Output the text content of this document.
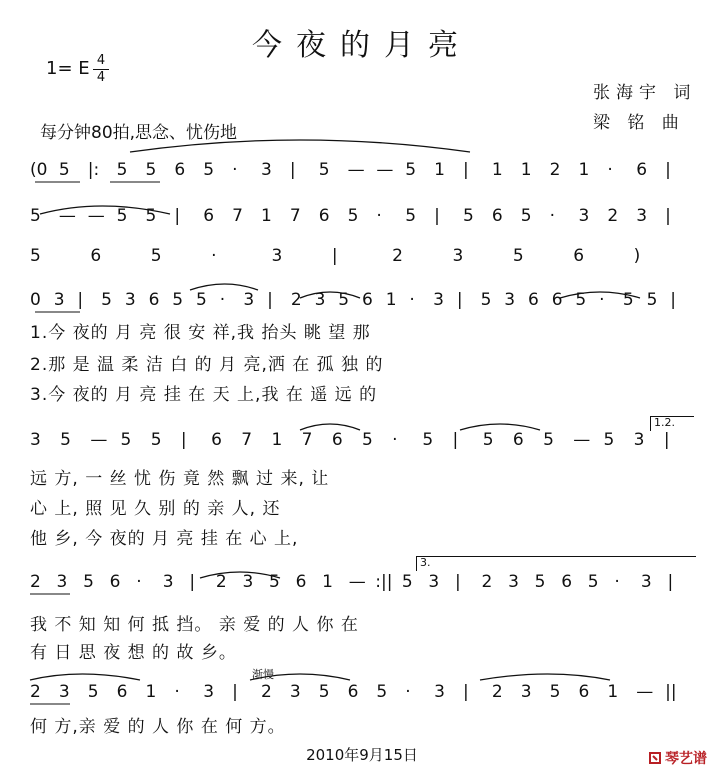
今夜的月亮
1= E 4
4
张海宇 词
梁 铭 曲
每分钟80拍,思念、忧伤地
(0 5 |: 5 5 6 5 · 3 | 5 — — 5 1 | 1 1 2 1 · 6 |
5 — — 5 5 | 6 7 1 7 6 5 · 5 | 5 6 5 · 3 2 3 |
5	6	5	·	3	|	2	3	5	6	)
0 3 | 5 3 6 5 5 · 3 | 2 3 5 6 1 · 3 | 5 3 6 6 5 · 5 5 |
3 5 — 5 5 | 6 7 1 7 6 5 · 5 | 5 6 5 — 5 3 |
2 3 5 6 · 3 | 2 3 5 6 1 — :|| 5 3 | 2 3 5 6 5 · 3 |
2 3 5 6 1 · 3 | 2 3 5 6 5 · 3 | 2 3 5 6 1 — ||
1.今 夜的 月 亮 很 安 祥,我 抬头 眺 望 那
2.那 是 温 柔 洁 白 的 月 亮,洒 在 孤 独 的
3.今 夜的 月 亮 挂 在 天 上,我 在 遥 远 的
远 方, 一 丝 忧 伤 竟 然 飘 过 来, 让
心 上, 照 见 久 别 的 亲 人, 还
他 乡, 今 夜的 月 亮 挂 在 心 上,
我 不 知 知 何 抵 挡。 亲 爱 的 人 你 在
有 日 思 夜 想 的 故 乡。
何 方,亲 爱 的 人 你 在 何 方。
1.2.
3.
渐慢
2010年9月15日	琴艺谱
